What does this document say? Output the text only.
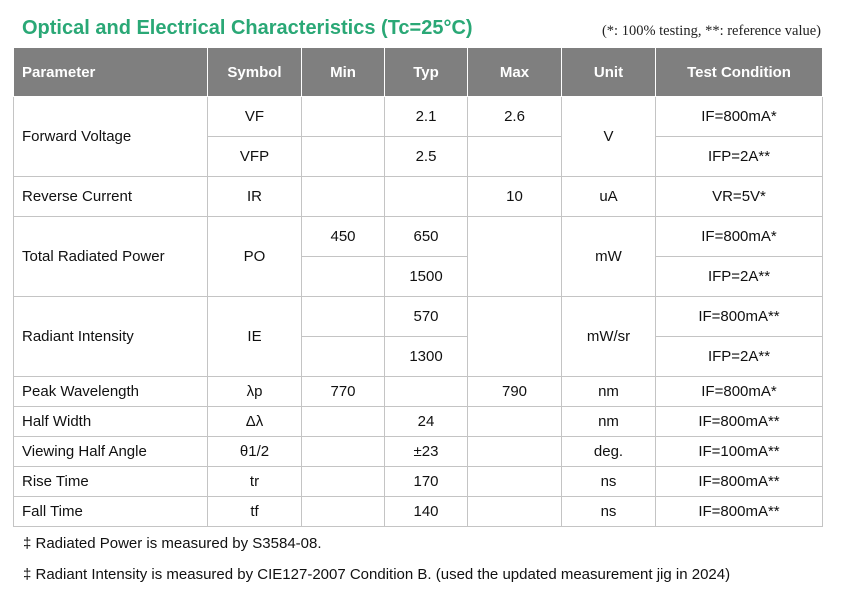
Optical and Electrical Characteristics (Tc=25°C)	(*: 100% testing, **: reference value)
Parameter	Symbol	Min	Typ	Max	Unit	Test Condition
Forward Voltage	VF		2.1	2.6	V	IF=800mA*
	VFP		2.5			IFP=2A**
Reverse Current	IR			10	uA	VR=5V*
Total Radiated Power	PO	450	650		mW	IF=800mA*
			1500			IFP=2A**
Radiant Intensity	IE		570		mW/sr	IF=800mA**
			1300			IFP=2A**
Peak Wavelength	λp	770		790	nm	IF=800mA*
Half Width	Δλ		24		nm	IF=800mA**
Viewing Half Angle	θ1/2		±23		deg.	IF=100mA**
Rise Time	tr		170		ns	IF=800mA**
Fall Time	tf		140		ns	IF=800mA**
‡ Radiated Power is measured by S3584-08.
‡ Radiant Intensity is measured by CIE127-2007 Condition B. (used the updated measurement jig in 2024)
